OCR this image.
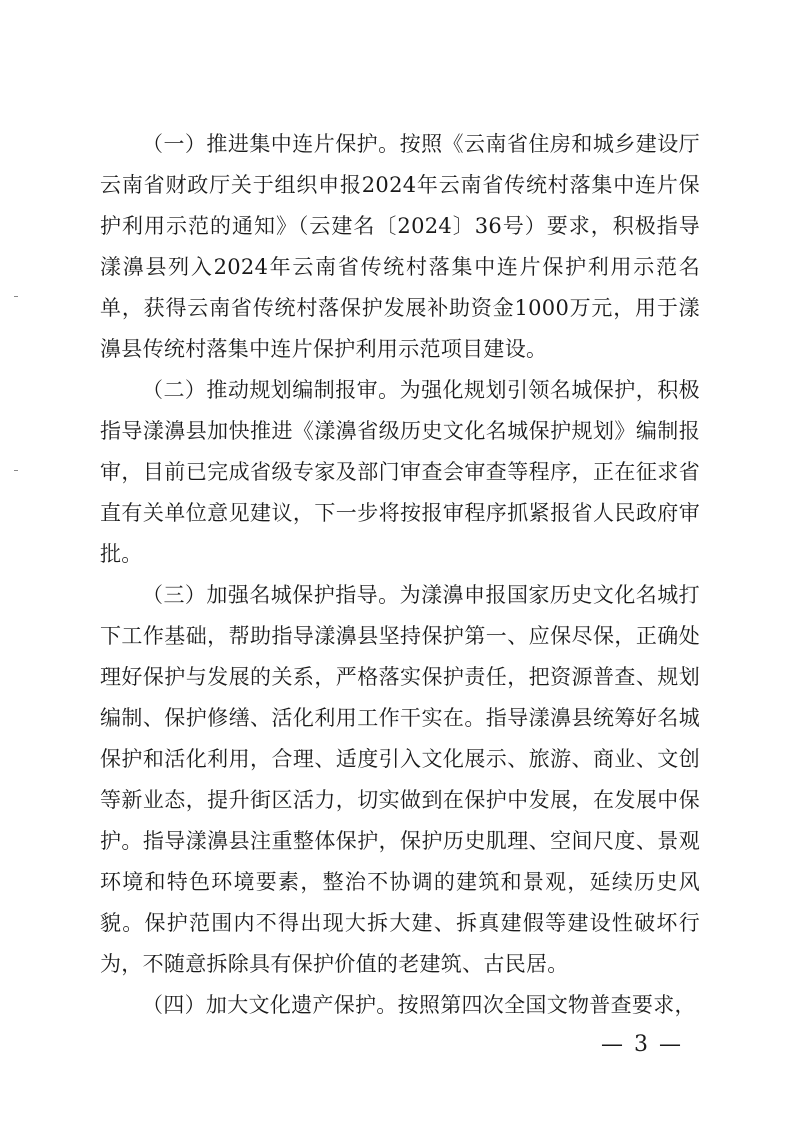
（一）推进集中连片保护。按照《云南省住房和城乡建设厅云南省财政厅关于组织申报2024年云南省传统村落集中连片保护利用示范的通知》（云建名〔2024〕36号）要求，积极指导漾濞县列入2024年云南省传统村落集中连片保护利用示范名单，获得云南省传统村落保护发展补助资金1000万元，用于漾濞县传统村落集中连片保护利用示范项目建设。

（二）推动规划编制报审。为强化规划引领名城保护，积极指导漾濞县加快推进《漾濞省级历史文化名城保护规划》编制报审，目前已完成省级专家及部门审查会审查等程序，正在征求省直有关单位意见建议，下一步将按报审程序抓紧报省人民政府审批。

（三）加强名城保护指导。为漾濞申报国家历史文化名城打下工作基础，帮助指导漾濞县坚持保护第一、应保尽保，正确处理好保护与发展的关系，严格落实保护责任，把资源普查、规划编制、保护修缮、活化利用工作干实在。指导漾濞县统筹好名城保护和活化利用，合理、适度引入文化展示、旅游、商业、文创等新业态，提升街区活力，切实做到在保护中发展，在发展中保护。指导漾濞县注重整体保护，保护历史肌理、空间尺度、景观环境和特色环境要素，整治不协调的建筑和景观，延续历史风貌。保护范围内不得出现大拆大建、拆真建假等建设性破坏行为，不随意拆除具有保护价值的老建筑、古民居。

（四）加大文化遗产保护。按照第四次全国文物普查要求，

— 3 —
